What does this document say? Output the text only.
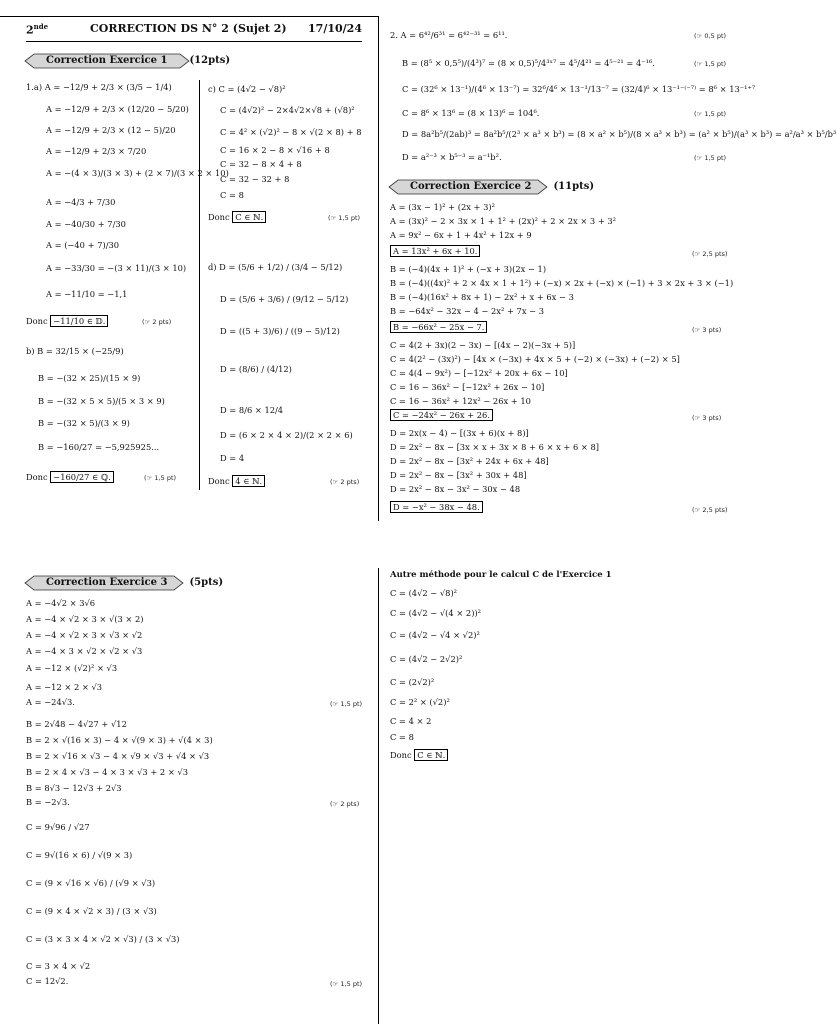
2nde	CORRECTION DS N° 2 (Sujet 2) 17/10/24
Correction Exercice 1	(12pts)
1.a) A = −12/9 + 2/3 × (3/5 − 1/4)
A = −12/9 + 2/3 × (12/20 − 5/20)
A = −12/9 + 2/3 × (12 − 5)/20
A = −12/9 + 2/3 × 7/20
A = −(4 × 3)/(3 × 3) + (2 × 7)/(3 × 2 × 10)
A = −4/3 + 7/30
A = −40/30 + 7/30
A = (−40 + 7)/30
A = −33/30 = −(3 × 11)/(3 × 10)
A = −11/10 = −1,1
b) B = 32/15 × (−25/9)
B = −(32 × 25)/(15 × 9)
B = −(32 × 5 × 5)/(5 × 3 × 9)
B = −(32 × 5)/(3 × 9)
B = −160/27 = −5,925925...
c) C = (4√2 − √8)²
C = (4√2)² − 2×4√2×√8 + (√8)²
C = 4² × (√2)² − 8 × √(2 × 8) + 8
C = 16 × 2 − 8 × √16 + 8
C = 32 − 8 × 4 + 8
C = 32 − 32 + 8
C = 8
d) D = (5/6 + 1/2) / (3/4 − 5/12)
D = (5/6 + 3/6) / (9/12 − 5/12)
D = ((5 + 3)/6) / ((9 − 5)/12)
D = (8/6) / (4/12)
D = 8/6 × 12/4
D = (6 × 2 × 4 × 2)/(2 × 2 × 6)
D = 4
Donc −11/10 ∈ 𝔻.	(☞ 2 pts)
Donc −160/27 ∈ ℚ.	(☞ 1,5 pt)
Donc C ∈ ℕ.	(☞ 1,5 pt)
Donc 4 ∈ ℕ.	(☞ 2 pts)
2. A = 6⁴²/6³¹ = 6⁴²⁻³¹ = 6¹¹.
B = (8⁵ × 0,5⁵)/(4³)⁷ = (8 × 0,5)⁵/4³ˣ⁷ = 4⁵/4²¹ = 4⁵⁻²¹ = 4⁻¹⁶.
C = (32⁶ × 13⁻¹)/(4⁶ × 13⁻⁷) = 32⁶/4⁶ × 13⁻¹/13⁻⁷ = (32/4)⁶ × 13⁻¹⁻⁽⁻⁷⁾ = 8⁶ × 13⁻¹⁺⁷
C = 8⁶ × 13⁶ = (8 × 13)⁶ = 104⁶.
D = 8a²b⁵/(2ab)³ = 8a²b⁵/(2³ × a³ × b³) = (8 × a² × b⁵)/(8 × a³ × b³) = (a² × b⁵)/(a³ × b³) = a²/a³ × b⁵/b³
D = a²⁻³ × b⁵⁻³ = a⁻¹b².
(☞ 0,5 pt)
(☞ 1,5 pt)
(☞ 1,5 pt)
(☞ 1,5 pt)
Correction Exercice 2	(11pts)
A = (3x − 1)² + (2x + 3)²
A = (3x)² − 2 × 3x × 1 + 1² + (2x)² + 2 × 2x × 3 + 3²
A = 9x² − 6x + 1 + 4x² + 12x + 9
A = 13x² + 6x + 10.
B = (−4)(4x + 1)² + (−x + 3)(2x − 1)
B = (−4)((4x)² + 2 × 4x × 1 + 1²) + (−x) × 2x + (−x) × (−1) + 3 × 2x + 3 × (−1)
B = (−4)(16x² + 8x + 1) − 2x² + x + 6x − 3
B = −64x² − 32x − 4 − 2x² + 7x − 3
B = −66x² − 25x − 7.
C = 4(2 + 3x)(2 − 3x) − [(4x − 2)(−3x + 5)]
C = 4(2² − (3x)²) − [4x × (−3x) + 4x × 5 + (−2) × (−3x) + (−2) × 5]
C = 4(4 − 9x²) − [−12x² + 20x + 6x − 10]
C = 16 − 36x² − [−12x² + 26x − 10]
C = 16 − 36x² + 12x² − 26x + 10
C = −24x² − 26x + 26.
D = 2x(x − 4) − [(3x + 6)(x + 8)]
D = 2x² − 8x − [3x × x + 3x × 8 + 6 × x + 6 × 8]
D = 2x² − 8x − [3x² + 24x + 6x + 48]
D = 2x² − 8x − [3x² + 30x + 48]
D = 2x² − 8x − 3x² − 30x − 48
D = −x² − 38x − 48.
(☞ 2,5 pts)
(☞ 3 pts)
(☞ 3 pts)
(☞ 2,5 pts)
Correction Exercice 3	(5pts)
A = −4√2 × 3√6
A = −4 × √2 × 3 × √(3 × 2)
A = −4 × √2 × 3 × √3 × √2
A = −4 × 3 × √2 × √2 × √3
A = −12 × (√2)² × √3
A = −12 × 2 × √3
A = −24√3.
B = 2√48 − 4√27 + √12
B = 2 × √(16 × 3) − 4 × √(9 × 3) + √(4 × 3)
B = 2 × √16 × √3 − 4 × √9 × √3 + √4 × √3
B = 2 × 4 × √3 − 4 × 3 × √3 + 2 × √3
B = 8√3 − 12√3 + 2√3
B = −2√3.
C = 9√96 / √27
C = 9√(16 × 6) / √(9 × 3)
C = (9 × √16 × √6) / (√9 × √3)
C = (9 × 4 × √2 × 3) / (3 × √3)
C = (3 × 3 × 4 × √2 × √3) / (3 × √3)
C = 3 × 4 × √2
C = 12√2.
(☞ 1,5 pt)
(☞ 2 pts)
(☞ 1,5 pt)
Autre méthode pour le calcul C de l'Exercice 1
C = (4√2 − √8)²
C = (4√2 − √(4 × 2))²
C = (4√2 − √4 × √2)²
C = (4√2 − 2√2)²
C = (2√2)²
C = 2² × (√2)²
C = 4 × 2
C = 8
Donc C ∈ ℕ.
